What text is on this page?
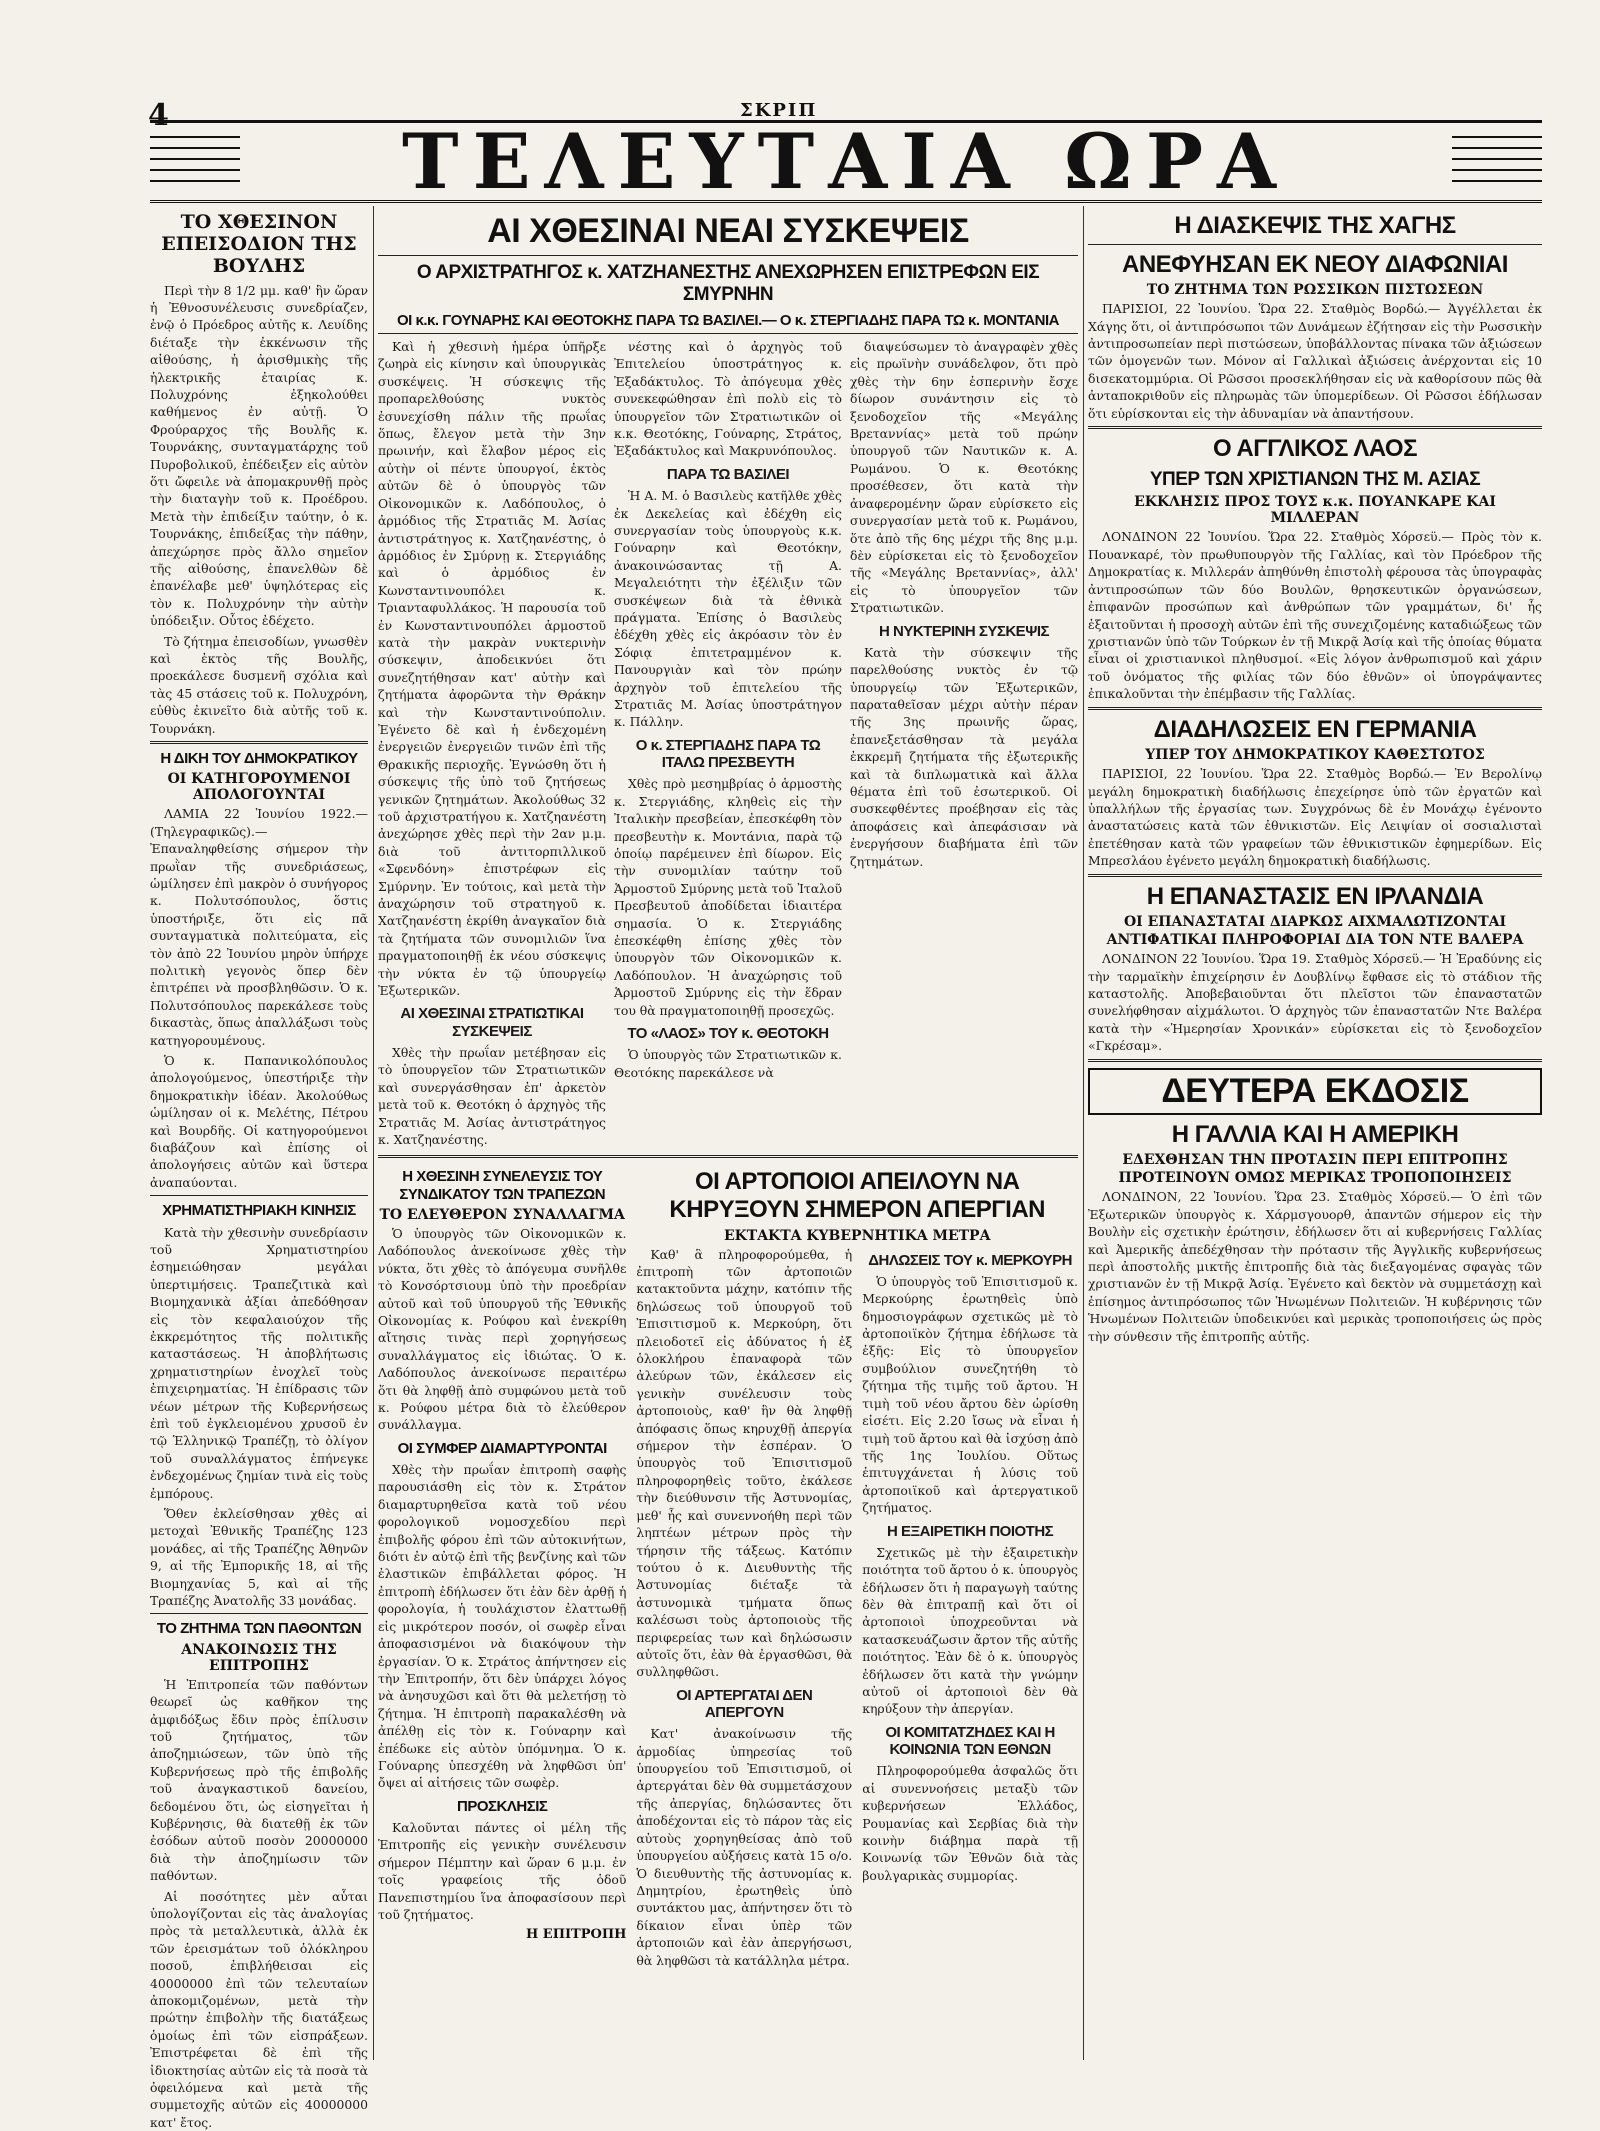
4	ΣΚΡΙΠ
ΤΕΛΕΥΤΑΙΑ ΩΡΑ
ΤΟ ΧΘΕΣΙΝΟΝ ΕΠΕΙΣΟΔΙΟΝ ΤΗΣ ΒΟΥΛΗΣ

Περὶ τὴν 8 1/2 μμ. καθ' ἣν ὥραν ἡ Ἐθνοσυνέλευσις συνεδρίαζεν, ἐνῷ ὁ Πρόεδρος αὐτῆς κ. Λευίδης διέταξε τὴν ἐκκένωσιν τῆς αἰθούσης, ἡ ἀρισθμικὴς τῆς ἡλεκτρικῆς ἐταιρίας κ. Πολυχρόνης ἐξηκολούθει καθήμενος ἐν αὐτῇ. Ὁ Φρούραρχος τῆς Βουλῆς κ. Τουρνάκης, συνταγματάρχης τοῦ Πυροβολικοῦ, ἐπέδειξεν εἰς αὐτὸν ὅτι ὤφειλε νὰ ἀπομακρυνθῇ πρὸς τὴν διαταγὴν τοῦ κ. Προέδρου. Μετὰ τὴν ἐπιδείξιν ταύτην, ὁ κ. Τουρνάκης, ἐπιδείξας τὴν πάθην, ἀπεχώρησε πρὸς ἄλλο σημεῖον τῆς αἰθούσης, ἐπανελθὼν δὲ ἐπανέλαβε μεθ' ὑψηλότερας εἰς τὸν κ. Πολυχρόνην τὴν αὐτὴν ὑπόδειξιν. Οὗτος ἐδέχετο.

Τὸ ζήτημα ἐπεισοδίων, γνωσθὲν καὶ ἐκτὸς τῆς Βουλῆς, προεκάλεσε δυσμενῆ σχόλια καὶ τὰς 45 στάσεις τοῦ κ. Πολυχρόνη, εὐθὺς ἐκινεῖτο διὰ αὐτῆς τοῦ κ. Τουρνάκη.

Η ΔΙΚΗ ΤΟΥ ΔΗΜΟΚΡΑΤΙΚΟΥ
ΟΙ ΚΑΤΗΓΟΡΟΥΜΕΝΟΙ ΑΠΟΛΟΓΟΥΝΤΑΙ

ΛΑΜΙΑ 22 Ἰουνίου 1922.— (Τηλεγραφικῶς).— Ἐπαναληφθείσης σήμερον τὴν πρωῒαν τῆς συνεδριάσεως, ὡμίλησεν ἐπὶ μακρὸν ὁ συνήγορος κ. Πολυτσόπουλος, ὅστις ὑποστήριξε, ὅτι εἰς πᾶ συνταγματικὰ πολιτεύματα, εἰς τὸν ἀπὸ 22 Ἰουνίου μηρὸν ὑπήρχε πολιτικὴ γεγονὸς ὅπερ δὲν ἐπιτρέπει νὰ προσβληθῶσιν. Ὁ κ. Πολυτσόπουλος παρεκάλεσε τοὺς δικαστὰς, ὅπως ἀπαλλάξωσι τοὺς κατηγορουμένους.

Ὁ κ. Παπανικολόπουλος ἀπολογούμενος, ὑπεστήριξε τὴν δημοκρατικὴν ἰδέαν. Ἀκολούθως ὡμίλησαν οἱ κ. Μελέτης, Πέτρου καὶ Βουρδῆς. Οἱ κατηγορούμενοι διαβάζουν καὶ ἐπίσης οἱ ἀπολογήσεις αὐτῶν καὶ ὕστερα ἀναπαύονται.

ΧΡΗΜΑΤΙΣΤΗΡΙΑΚΗ ΚΙΝΗΣΙΣ

Κατὰ τὴν χθεσινὴν συνεδρίασιν τοῦ Χρηματιστηρίου ἐσημειώθησαν μεγάλαι ὑπερτιμήσεις. Τραπεζιτικὰ καὶ Βιομηχανικὰ ἀξίαι ἀπεδόθησαν εἰς τὸν κεφαλαιούχον τῆς ἐκκρεμότητος τῆς πολιτικῆς καταστάσεως. Ἡ ἀποβλήτωσις χρηματιστηρίων ἐνοχλεῖ τοὺς ἐπιχειρηματίας. Ἡ ἐπίδρασις τῶν νέων μέτρων τῆς Κυβερνήσεως ἐπὶ τοῦ ἐγκλειομένου χρυσοῦ ἐν τῷ Ἑλληνικῷ Τραπέζῃ, τὸ ὀλίγον τοῦ συναλλάγματος ἐπήνεγκε ἐνδεχομένως ζημίαν τινὰ εἰς τοὺς ἐμπόρους.

Ὅθεν ἐκλείσθησαν χθὲς αἱ μετοχαὶ Ἐθνικῆς Τραπέζης 123 μονάδες, αἱ τῆς Τραπέζης Ἀθηνῶν 9, αἱ τῆς Ἐμπορικῆς 18, αἱ τῆς Βιομηχανίας 5, καὶ αἱ τῆς Τραπέζης Ἀνατολῆς 33 μονάδας.

ΤΟ ΖΗΤΗΜΑ ΤΩΝ ΠΑΘΟΝΤΩΝ
ΑΝΑΚΟΙΝΩΣΙΣ ΤΗΣ ΕΠΙΤΡΟΠΗΣ

Ἡ Ἐπιτροπεία τῶν παθόντων θεωρεῖ ὡς καθῆκον της ἀμφιδόξως ἔδιν πρὸς ἐπίλυσιν τοῦ ζητήματος, τῶν ἀποζημιώσεων, τῶν ὑπὸ τῆς Κυβερνήσεως πρὸ τῆς ἐπιβολῆς τοῦ ἀναγκαστικοῦ δανείου, δεδομένου ὅτι, ὡς εἰσηγεῖται ἡ Κυβέρνησις, θὰ διατεθῇ ἐκ τῶν ἐσόδων αὐτοῦ ποσὸν 20000000 διὰ τὴν ἀποζημίωσιν τῶν παθόντων.

Αἱ ποσότητες μὲν αὗται ὑπολογίζονται εἰς τὰς ἀναλογίας πρὸς τὰ μεταλλευτικὰ, ἀλλὰ ἐκ τῶν ἐρεισμάτων τοῦ ὁλόκληρου ποσοῦ, ἐπιβλήθεισαι εἰς 40000000 ἐπὶ τῶν τελευταίων ἀποκομιζομένων, μετὰ τὴν πρώτην ἐπιβολὴν τῆς διατάξεως ὁμοίως ἐπὶ τῶν εἰσπράξεων. Ἐπιστρέφεται δὲ ἐπὶ τῆς ἰδιοκτησίας αὐτῶν εἰς τὰ ποσὰ τὰ ὀφειλόμενα καὶ μετὰ τῆς συμμετοχῆς αὐτῶν εἰς 40000000 κατ' ἔτος.

ΑΙ ΧΘΕΣΙΝΑΙ ΝΕΑΙ ΣΥΣΚΕΨΕΙΣ
Ο ΑΡΧΙΣΤΡΑΤΗΓΟΣ κ. ΧΑΤΖΗΑΝΕΣΤΗΣ ΑΝΕΧΩΡΗΣΕΝ ΕΠΙΣΤΡΕΦΩΝ ΕΙΣ ΣΜΥΡΝΗΝ
ΟΙ κ.κ. ΓΟΥΝΑΡΗΣ ΚΑΙ ΘΕΟΤΟΚΗΣ ΠΑΡΑ ΤΩ ΒΑΣΙΛΕΙ.— Ο κ. ΣΤΕΡΓΙΑΔΗΣ ΠΑΡΑ ΤΩ κ. ΜΟΝΤΑΝΙΑ

Καὶ ἡ χθεσινὴ ἡμέρα ὑπῆρξε ζωηρὰ εἰς κίνησιν καὶ ὑπουργικὰς συσκέψεις. Ἡ σύσκεψις τῆς προπαρελθούσης νυκτὸς ἐσυνεχίσθη πάλιν τῆς πρωΐας ὅπως, ἔλεγον μετὰ τὴν 3ην πρωινήν, καὶ ἔλαβον μέρος εἰς αὐτὴν οἱ πέντε ὑπουργοί, ἐκτὸς αὐτῶν δὲ ὁ ὑπουργὸς τῶν Οἰκονομικῶν κ. Λαδόπουλος, ὁ ἀρμόδιος τῆς Στρατιᾶς Μ. Ἀσίας ἀντιστράτηγος κ. Χατζηανέστης, ὁ ἀρμόδιος ἐν Σμύρνῃ κ. Στεργιάδης καὶ ὁ ἀρμόδιος ἐν Κωνσταντινουπόλει κ. Τριανταφυλλάκος. Ἡ παρουσία τοῦ ἐν Κωνσταντινουπόλει ἁρμοστοῦ κατὰ τὴν μακρὰν νυκτερινὴν σύσκεψιν, ἀποδεικνύει ὅτι συνεζητήθησαν κατ' αὐτὴν καὶ ζητήματα ἀφορῶντα τὴν Θράκην καὶ τὴν Κωνσταντινούπολιν. Ἐγένετο δὲ καὶ ἡ ἐνδεχομένη ἐνεργειῶν ἐνεργειῶν τινῶν ἐπὶ τῆς Θρακικῆς περιοχῆς. Ἐγνώσθη ὅτι ἡ σύσκεψις τῆς ὑπὸ τοῦ ζητήσεως γενικῶν ζητημάτων. Ἀκολούθως 32 τοῦ ἀρχιστρατήγου κ. Χατζηανέστη ἀνεχώρησε χθὲς περὶ τὴν 2αν μ.μ. διὰ τοῦ ἀντιτορπιλλικοῦ «Σφενδόνη» ἐπιστρέφων εἰς Σμύρνην. Ἐν τούτοις, καὶ μετὰ τὴν ἀναχώρησιν τοῦ στρατηγοῦ κ. Χατζηανέστη ἐκρίθη ἀναγκαῖον διὰ τὰ ζητήματα τῶν συνομιλιῶν ἵνα πραγματοποιηθῇ ἐκ νέου σύσκεψις τὴν νύκτα ἐν τῷ ὑπουργείῳ Ἐξωτερικῶν.

ΑΙ ΧΘΕΣΙΝΑΙ ΣΤΡΑΤΙΩΤΙΚΑΙ ΣΥΣΚΕΨΕΙΣ

Χθὲς τὴν πρωΐαν μετέβησαν εἰς τὸ ὑπουργεῖον τῶν Στρατιωτικῶν καὶ συνεργάσθησαν ἐπ' ἀρκετὸν μετὰ τοῦ κ. Θεοτόκη ὁ ἀρχηγὸς τῆς Στρατιᾶς Μ. Ἀσίας ἀντιστράτηγος κ. Χατζηανέστης.

νέστης καὶ ὁ ἀρχηγὸς τοῦ Ἐπιτελείου ὑποστράτηγος κ. Ἐξαδάκτυλος. Τὸ ἀπόγευμα χθὲς συνεκεφώθησαν ἐπὶ πολὺ εἰς τὸ ὑπουργεῖον τῶν Στρατιωτικῶν οἱ κ.κ. Θεοτόκης, Γούναρης, Στράτος, Ἐξαδάκτυλος καὶ Μακρυνόπουλος.

ΠΑΡΑ ΤΩ ΒΑΣΙΛΕΙ

Ἡ Α. Μ. ὁ Βασιλεὺς κατῆλθε χθὲς ἐκ Δεκελείας καὶ ἐδέχθη εἰς συνεργασίαν τοὺς ὑπουργοὺς κ.κ. Γούναρην καὶ Θεοτόκην, ἀνακοινώσαντας τῇ Α. Μεγαλειότητι τὴν ἐξέλιξιν τῶν συσκέψεων διὰ τὰ ἐθνικὰ πράγματα. Ἐπίσης ὁ Βασιλεὺς ἐδέχθη χθὲς εἰς ἀκρόασιν τὸν ἐν Σόφιᾳ ἐπιτετραμμένον κ. Πανουργιὰν καὶ τὸν πρώην ἀρχηγὸν τοῦ ἐπιτελείου τῆς Στρατιᾶς Μ. Ἀσίας ὑποστράτηγον κ. Πάλλην.

Ο κ. ΣΤΕΡΓΙΑΔΗΣ ΠΑΡΑ ΤΩ ΙΤΑΛΩ ΠΡΕΣΒΕΥΤΗ

Χθὲς πρὸ μεσημβρίας ὁ ἁρμοστὴς κ. Στεργιάδης, κληθεὶς εἰς τὴν Ἰταλικὴν πρεσβείαν, ἐπεσκέφθη τὸν πρεσβευτὴν κ. Μοντάνια, παρὰ τῷ ὁποίῳ παρέμεινεν ἐπὶ δίωρον. Εἰς τὴν συνομιλίαν ταύτην τοῦ Ἁρμοστοῦ Σμύρνης μετὰ τοῦ Ἰταλοῦ Πρεσβευτοῦ ἀποδίδεται ἰδιαιτέρα σημασία. Ὁ κ. Στεργιάδης ἐπεσκέφθη ἐπίσης χθὲς τὸν ὑπουργὸν τῶν Οἰκονομικῶν κ. Λαδόπουλον. Ἡ ἀναχώρησις τοῦ Ἁρμοστοῦ Σμύρνης εἰς τὴν ἕδραν του θὰ πραγματοποιηθῇ προσεχῶς.

ΤΟ «ΛΑΟΣ» ΤΟΥ κ. ΘΕΟΤΟΚΗ

Ὁ ὑπουργὸς τῶν Στρατιωτικῶν κ. Θεοτόκης παρεκάλεσε νὰ

διαψεύσωμεν τὸ ἀναγραφὲν χθὲς εἰς πρωϊνὴν συνάδελφον, ὅτι πρὸ χθὲς τὴν 6ην ἑσπερινὴν ἔσχε δίωρον συνάντησιν εἰς τὸ ξενοδοχεῖον τῆς «Μεγάλης Βρεταννίας» μετὰ τοῦ πρώην ὑπουργοῦ τῶν Ναυτικῶν κ. Α. Ρωμάνου. Ὁ κ. Θεοτόκης προσέθεσεν, ὅτι κατὰ τὴν ἀναφερομένην ὥραν εὑρίσκετο εἰς συνεργασίαν μετὰ τοῦ κ. Ρωμάνου, ὅτε ἀπὸ τῆς 6ης μέχρι τῆς 8ης μ.μ. δὲν εὑρίσκεται εἰς τὸ ξενοδοχεῖον τῆς «Μεγάλης Βρεταννίας», ἀλλ' εἰς τὸ ὑπουργεῖον τῶν Στρατιωτικῶν.

Η ΝΥΚΤΕΡΙΝΗ ΣΥΣΚΕΨΙΣ

Κατὰ τὴν σύσκεψιν τῆς παρελθούσης νυκτὸς ἐν τῷ ὑπουργείῳ τῶν Ἐξωτερικῶν, παραταθεῖσαν μέχρι αὐτὴν πέραν τῆς 3ης πρωινῆς ὥρας, ἐπανεξετάσθησαν τὰ μεγάλα ἐκκρεμῆ ζητήματα τῆς ἐξωτερικῆς καὶ τὰ διπλωματικὰ καὶ ἄλλα θέματα ἐπὶ τοῦ ἐσωτερικοῦ. Οἱ συσκεφθέντες προέβησαν εἰς τὰς ἀποφάσεις καὶ ἀπεφάσισαν νὰ ἐνεργήσουν διαβήματα ἐπὶ τῶν ζητημάτων.

Η ΧΘΕΣΙΝΗ ΣΥΝΕΛΕΥΣΙΣ ΤΟΥ ΣΥΝΔΙΚΑΤΟΥ ΤΩΝ ΤΡΑΠΕΖΩΝ
ΤΟ ΕΛΕΥΘΕΡΟΝ ΣΥΝΑΛΛΑΓΜΑ

Ὁ ὑπουργὸς τῶν Οἰκονομικῶν κ. Λαδόπουλος ἀνεκοίνωσε χθὲς τὴν νύκτα, ὅτι χθὲς τὸ ἀπόγευμα συνῆλθε τὸ Κονσόρτσιουμ ὑπὸ τὴν προεδρίαν αὐτοῦ καὶ τοῦ ὑπουργοῦ τῆς Ἐθνικῆς Οἰκονομίας κ. Ρούφου καὶ ἐνεκρίθη αἴτησις τινὰς περὶ χορηγήσεως συναλλάγματος εἰς ἰδιώτας. Ὁ κ. Λαδόπουλος ἀνεκοίνωσε περαιτέρω ὅτι θὰ ληφθῇ ἀπὸ συμφώνου μετὰ τοῦ κ. Ρούφου μέτρα διὰ τὸ ἐλεύθερον συνάλλαγμα.

ΟΙ ΣΥΜΦΕΡ ΔΙΑΜΑΡΤΥΡΟΝΤΑΙ

Χθὲς τὴν πρωΐαν ἐπιτροπὴ σαφὴς παρουσιάσθη εἰς τὸν κ. Στράτον διαμαρτυρηθεῖσα κατὰ τοῦ νέου φορολογικοῦ νομοσχεδίου περὶ ἐπιβολῆς φόρου ἐπὶ τῶν αὐτοκινήτων, διότι ἐν αὐτῷ ἐπὶ τῆς βενζίνης καὶ τῶν ἐλαστικῶν ἐπιβάλλεται φόρος. Ἡ ἐπιτροπὴ ἐδήλωσεν ὅτι ἐὰν δὲν ἀρθῇ ἡ φορολογία, ἡ τουλάχιστον ἐλαττωθῇ εἰς μικρότερον ποσόν, οἱ σωφὲρ εἶναι ἀποφασισμένοι νὰ διακόψουν τὴν ἐργασίαν. Ὁ κ. Στράτος ἀπήντησεν εἰς τὴν Ἐπιτροπήν, ὅτι δὲν ὑπάρχει λόγος νὰ ἀνησυχῶσι καὶ ὅτι θὰ μελετήσῃ τὸ ζήτημα. Ἡ ἐπιτροπὴ παρακαλέσθη νὰ ἀπέλθῃ εἰς τὸν κ. Γούναρην καὶ ἐπέδωκε εἰς αὐτὸν ὑπόμνημα. Ὁ κ. Γούναρης ὑπεσχέθη νὰ ληφθῶσι ὑπ' ὄψει αἱ αἰτήσεις τῶν σωφὲρ.

ΠΡΟΣΚΛΗΣΙΣ

Καλοῦνται πάντες οἱ μέλη τῆς Ἑπιτροπῆς εἰς γενικὴν συνέλευσιν σήμερον Πέμπτην καὶ ὥραν 6 μ.μ. ἐν τοῖς γραφείοις τῆς ὁδοῦ Πανεπιστημίου ἵνα ἀποφασίσουν περὶ τοῦ ζητήματος.

Η ΕΠΙΤΡΟΠΗ
ΟΙ ΑΡΤΟΠΟΙΟΙ ΑΠΕΙΛΟΥΝ ΝΑ ΚΗΡΥΞΟΥΝ ΣΗΜΕΡΟΝ ΑΠΕΡΓΙΑΝ
ΕΚΤΑΚΤΑ ΚΥΒΕΡΝΗΤΙΚΑ ΜΕΤΡΑ

Καθ' ἃ πληροφορούμεθα, ἡ ἐπιτροπὴ τῶν ἀρτοποιῶν κατακτοῦντα μάχην, κατόπιν τῆς δηλώσεως τοῦ ὑπουργοῦ τοῦ Ἐπισιτισμοῦ κ. Μερκούρη, ὅτι πλειοδοτεῖ εἰς ἀδύνατος ἡ ἐξ ὁλοκλήρου ἐπαναφορὰ τῶν ἀλεύρων τῶν, ἐκάλεσεν εἰς γενικὴν συνέλευσιν τοὺς ἀρτοποιοὺς, καθ' ἣν θὰ ληφθῇ ἀπόφασις ὅπως κηρυχθῇ ἀπεργία σήμερον τὴν ἑσπέραν. Ὁ ὑπουργὸς τοῦ Ἐπισιτισμοῦ πληροφορηθεὶς τοῦτο, ἐκάλεσε τὴν διεύθυνσιν τῆς Ἀστυνομίας, μεθ' ἧς καὶ συνεννοήθη περὶ τῶν ληπτέων μέτρων πρὸς τὴν τήρησιν τῆς τάξεως. Κατόπιν τούτου ὁ κ. Διευθυντὴς τῆς Ἀστυνομίας διέταξε τὰ ἀστυνομικὰ τμήματα ὅπως καλέσωσι τοὺς ἀρτοποιοὺς τῆς περιφερείας των καὶ δηλώσωσιν αὐτοῖς ὅτι, ἐὰν θὰ ἐργασθῶσι, θὰ συλληφθῶσι.

ΟΙ ΑΡΤΕΡΓΑΤΑΙ ΔΕΝ ΑΠΕΡΓΟΥΝ

Κατ' ἀνακοίνωσιν τῆς ἁρμοδίας ὑπηρεσίας τοῦ ὑπουργείου τοῦ Ἐπισιτισμοῦ, οἱ ἀρτεργάται δὲν θὰ συμμετάσχουν τῆς ἀπεργίας, δηλώσαντες ὅτι ἀποδέχονται εἰς τὸ πάρον τὰς εἰς αὐτοὺς χορηγηθείσας ἀπὸ τοῦ ὑπουργείου αὐξήσεις κατὰ 15 ο/ο. Ὁ διευθυντὴς τῆς ἀστυνομίας κ. Δημητρίου, ἐρωτηθεὶς ὑπὸ συντάκτου μας, ἀπήντησεν ὅτι τὸ δίκαιον εἶναι ὑπὲρ τῶν ἀρτοποιῶν καὶ ἐὰν ἀπεργήσωσι, θὰ ληφθῶσι τὰ κατάλληλα μέτρα.

ΔΗΛΩΣΕΙΣ ΤΟΥ κ. ΜΕΡΚΟΥΡΗ

Ὁ ὑπουργὸς τοῦ Ἐπισιτισμοῦ κ. Μερκούρης ἐρωτηθεὶς ὑπὸ δημοσιογράφων σχετικῶς μὲ τὸ ἀρτοποιϊκὸν ζήτημα ἐδήλωσε τὰ ἑξῆς: Εἰς τὸ ὑπουργεῖον συμβούλιον συνεζητήθη τὸ ζήτημα τῆς τιμῆς τοῦ ἄρτου. Ἡ τιμὴ τοῦ νέου ἄρτου δὲν ὡρίσθη εἰσέτι. Εἰς 2.20 ἴσως νὰ εἶναι ἡ τιμὴ τοῦ ἄρτου καὶ θὰ ἰσχύσῃ ἀπὸ τῆς 1ης Ἰουλίου. Οὕτως ἐπιτυγχάνεται ἡ λύσις τοῦ ἀρτοποιϊκοῦ καὶ ἀρτεργατικοῦ ζητήματος.

Η ΕΞΑΙΡΕΤΙΚΗ ΠΟΙΟΤΗΣ

Σχετικῶς μὲ τὴν ἐξαιρετικὴν ποιότητα τοῦ ἄρτου ὁ κ. ὑπουργὸς ἐδήλωσεν ὅτι ἡ παραγωγὴ ταύτης δὲν θὰ ἐπιτραπῇ καὶ ὅτι οἱ ἀρτοποιοὶ ὑποχρεοῦνται νὰ κατασκευάζωσιν ἄρτον τῆς αὐτῆς ποιότητος. Ἐὰν δὲ ὁ κ. ὑπουργὸς ἐδήλωσεν ὅτι κατὰ τὴν γνώμην αὐτοῦ οἱ ἀρτοποιοὶ δὲν θὰ κηρύξουν τὴν ἀπεργίαν.

ΟΙ ΚΟΜΙΤΑΤΖΗΔΕΣ ΚΑΙ Η ΚΟΙΝΩΝΙΑ ΤΩΝ ΕΘΝΩΝ

Πληροφορούμεθα ἀσφαλῶς ὅτι αἱ συνεννοήσεις μεταξὺ τῶν κυβερνήσεων Ἑλλάδος, Ρουμανίας καὶ Σερβίας διὰ τὴν κοινὴν διάβημα παρὰ τῇ Κοινωνίᾳ τῶν Ἐθνῶν διὰ τὰς βουλγαρικὰς συμμορίας.

Η ΔΙΑΣΚΕΨΙΣ ΤΗΣ ΧΑΓΗΣ
ΑΝΕΦΥΗΣΑΝ ΕΚ ΝΕΟΥ ΔΙΑΦΩΝΙΑΙ
ΤΟ ΖΗΤΗΜΑ ΤΩΝ ΡΩΣΣΙΚΩΝ ΠΙΣΤΩΣΕΩΝ

ΠΑΡΙΣΙΟΙ, 22 Ἰουνίου. Ὥρα 22. Σταθμὸς Βορδώ.— Ἀγγέλλεται ἐκ Χάγης ὅτι, οἱ ἀντιπρόσωποι τῶν Δυνάμεων ἐζήτησαν εἰς τὴν Ρωσσικὴν ἀντιπροσωπείαν περὶ πιστώσεων, ὑποβάλλοντας πίνακα τῶν ἀξιώσεων τῶν ὁμογενῶν των. Μόνον αἱ Γαλλικαὶ ἀξιώσεις ἀνέρχονται εἰς 10 δισεκατομμύρια. Οἱ Ρῶσσοι προσεκλήθησαν εἰς νὰ καθορίσουν πῶς θὰ ἀνταποκριθοῦν εἰς πληρωμὰς τῶν ὑπομερίδεων. Οἱ Ρῶσσοι ἐδήλωσαν ὅτι εὑρίσκονται εἰς τὴν ἀδυναμίαν νὰ ἀπαντήσουν.

Ο ΑΓΓΛΙΚΟΣ ΛΑΟΣ
ΥΠΕΡ ΤΩΝ ΧΡΙΣΤΙΑΝΩΝ ΤΗΣ Μ. ΑΣΙΑΣ
ΕΚΚΛΗΣΙΣ ΠΡΟΣ ΤΟΥΣ κ.κ. ΠΟΥΑΝΚΑΡΕ ΚΑΙ ΜΙΛΛΕΡΑΝ

ΛΟΝΔΙΝΟΝ 22 Ἰουνίου. Ὥρα 22. Σταθμὸς Χόρσεϋ.— Πρὸς τὸν κ. Πουανκαρέ, τὸν πρωθυπουργὸν τῆς Γαλλίας, καὶ τὸν Πρόεδρον τῆς Δημοκρατίας κ. Μιλλεράν ἀπηθύνθη ἐπιστολὴ φέρουσα τὰς ὑπογραφὰς ἀντιπροσώπων τῶν δύο Βουλῶν, θρησκευτικῶν ὀργανώσεων, ἐπιφανῶν προσώπων καὶ ἀνθρώπων τῶν γραμμάτων, δι' ἧς ἐξαιτοῦνται ἡ προσοχὴ αὐτῶν ἐπὶ τῆς συνεχιζομένης καταδιώξεως τῶν χριστιανῶν ὑπὸ τῶν Τούρκων ἐν τῇ Μικρᾷ Ἀσίᾳ καὶ τῆς ὁποίας θύματα εἶναι οἱ χριστιανικοὶ πληθυσμοί. «Εἰς λόγον ἀνθρωπισμοῦ καὶ χάριν τοῦ ὀνόματος τῆς φιλίας τῶν δύο ἐθνῶν» οἱ ὑπογράψαντες ἐπικαλοῦνται τὴν ἐπέμβασιν τῆς Γαλλίας.

ΔΙΑΔΗΛΩΣΕΙΣ ΕΝ ΓΕΡΜΑΝΙΑ
ΥΠΕΡ ΤΟΥ ΔΗΜΟΚΡΑΤΙΚΟΥ ΚΑΘΕΣΤΩΤΟΣ

ΠΑΡΙΣΙΟΙ, 22 Ἰουνίου. Ὥρα 22. Σταθμὸς Βορδώ.— Ἐν Βερολίνῳ μεγάλη δημοκρατικὴ διαδήλωσις ἐπεχείρησε ὑπὸ τῶν ἐργατῶν καὶ ὑπαλλήλων τῆς ἐργασίας των. Συγχρόνως δὲ ἐν Μονάχῳ ἐγένοντο ἀναστατώσεις κατὰ τῶν ἐθνικιστῶν. Εἰς Λειψίαν οἱ σοσιαλισταὶ ἐπετέθησαν κατὰ τῶν γραφείων τῶν ἐθνικιστικῶν ἐφημερίδων. Εἰς Μπρεσλάου ἐγένετο μεγάλη δημοκρατικὴ διαδήλωσις.

Η ΕΠΑΝΑΣΤΑΣΙΣ ΕΝ ΙΡΛΑΝΔΙΑ
ΟΙ ΕΠΑΝΑΣΤΑΤΑΙ ΔΙΑΡΚΩΣ ΑΙΧΜΑΛΩΤΙΖΟΝΤΑΙ
ΑΝΤΙΦΑΤΙΚΑΙ ΠΛΗΡΟΦΟΡΙΑΙ ΔΙΑ ΤΟΝ ΝΤΕ ΒΑΛΕΡΑ

ΛΟΝΔΙΝΟΝ 22 Ἰουνίου. Ὥρα 19. Σταθμὸς Χόρσεϋ.— Ἡ Ἐραδύνης εἰς τὴν ταρμαϊκὴν ἐπιχείρησιν ἐν Δουβλίνῳ ἔφθασε εἰς τὸ στάδιον τῆς καταστολῆς. Ἀποβεβαιοῦνται ὅτι πλεῖστοι τῶν ἐπαναστατῶν συνελήφθησαν αἰχμάλωτοι. Ὁ ἀρχηγὸς τῶν ἐπαναστατῶν Ντε Βαλέρα κατὰ τὴν «Ἡμερησίαν Χρονικάν» εὑρίσκεται εἰς τὸ ξενοδοχεῖον «Γκρέσαμ».

ΔΕΥΤΕΡΑ ΕΚΔΟΣΙΣ
Η ΓΑΛΛΙΑ ΚΑΙ Η ΑΜΕΡΙΚΗ
ΕΔΕΧΘΗΣΑΝ ΤΗΝ ΠΡΟΤΑΣΙΝ ΠΕΡΙ ΕΠΙΤΡΟΠΗΣ
ΠΡΟΤΕΙΝΟΥΝ ΟΜΩΣ ΜΕΡΙΚΑΣ ΤΡΟΠΟΠΟΙΗΣΕΙΣ

ΛΟΝΔΙΝΟΝ, 22 Ἰουνίου. Ὥρα 23. Σταθμὸς Χόρσεϋ.— Ὁ ἐπὶ τῶν Ἐξωτερικῶν ὑπουργὸς κ. Χάρμσγουορθ, ἀπαντῶν σήμερον εἰς τὴν Βουλὴν εἰς σχετικὴν ἐρώτησιν, ἐδήλωσεν ὅτι αἱ κυβερνήσεις Γαλλίας καὶ Ἀμερικῆς ἀπεδέχθησαν τὴν πρότασιν τῆς Ἀγγλικῆς κυβερνήσεως περὶ ἀποστολῆς μικτῆς ἐπιτροπῆς διὰ τὰς διεξαγομένας σφαγὰς τῶν χριστιανῶν ἐν τῇ Μικρᾷ Ἀσίᾳ. Ἐγένετο καὶ δεκτὸν νὰ συμμετάσχῃ καὶ ἐπίσημος ἀντιπρόσωπος τῶν Ἡνωμένων Πολιτειῶν. Ἡ κυβέρνησις τῶν Ἡνωμένων Πολιτειῶν ὑποδεικνύει καὶ μερικὰς τροποποιήσεις ὡς πρὸς τὴν σύνθεσιν τῆς ἐπιτροπῆς αὐτῆς.
